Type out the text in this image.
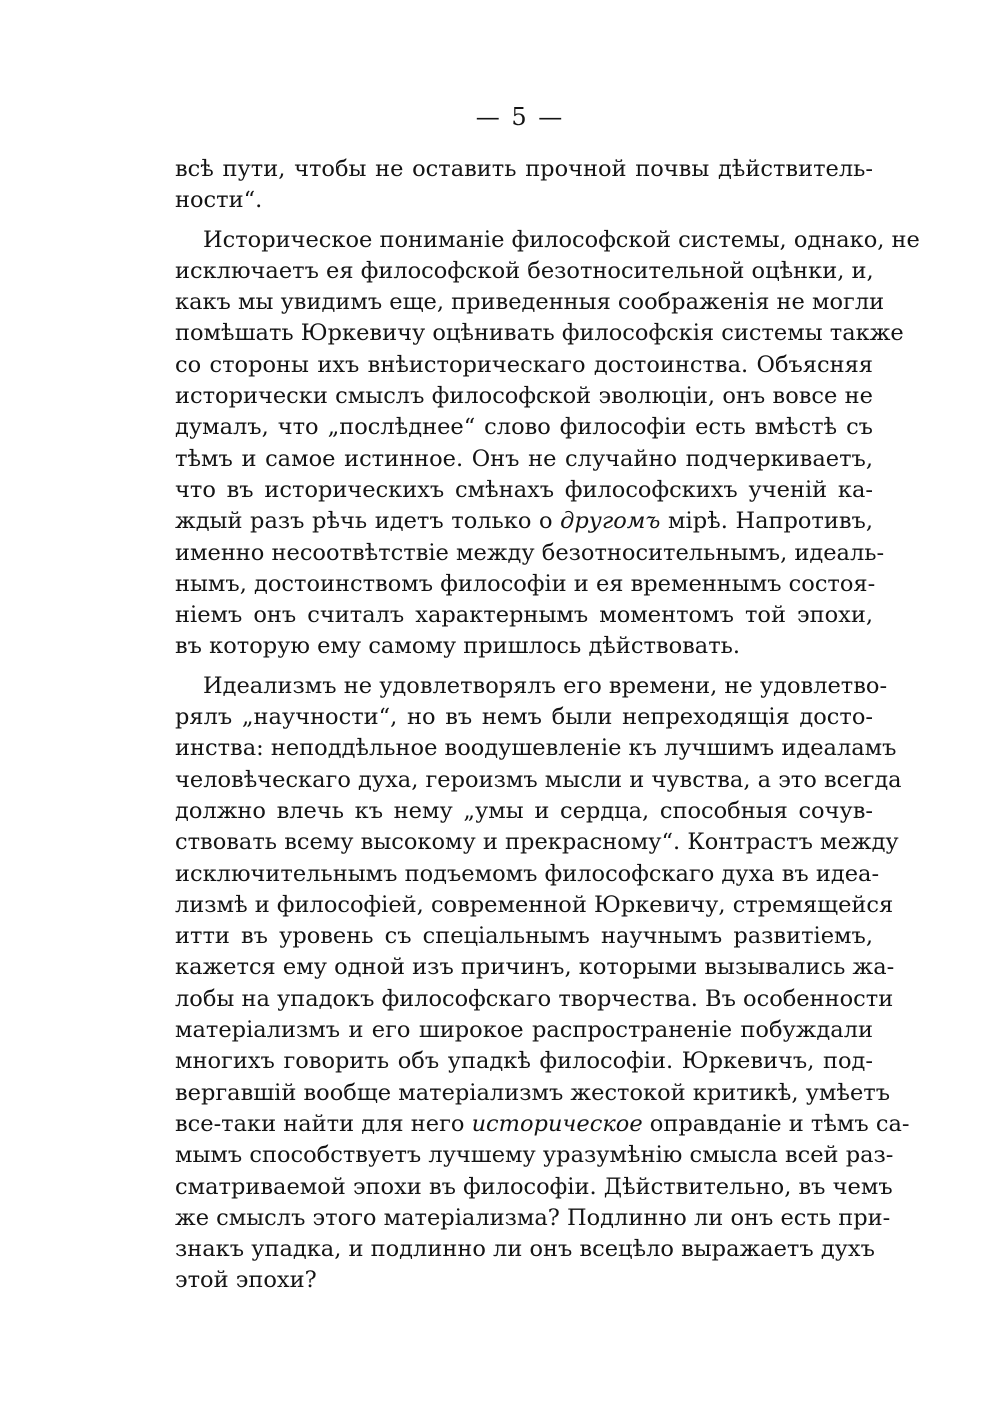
— 5 —

всѣ пути, чтобы не оставить прочной почвы дѣйствитель-
ности“.

Историческое пониманіе философской системы, однако, не
исключаетъ ея философской безотносительной оцѣнки, и,
какъ мы увидимъ еще, приведенныя соображенія не могли
помѣшать Юркевичу оцѣнивать философскія системы также
со стороны ихъ внѣисторическаго достоинства. Объясняя
исторически смыслъ философской эволюціи, онъ вовсе не
думалъ, что „послѣднее“ слово философіи есть вмѣстѣ съ
тѣмъ и самое истинное. Онъ не случайно подчеркиваетъ,
что въ историческихъ смѣнахъ философскихъ ученій ка-
ждый разъ рѣчь идетъ только о другомъ мірѣ. Напротивъ,
именно несоотвѣтствіе между безотносительнымъ, идеаль-
нымъ, достоинствомъ философіи и ея временнымъ состоя-
ніемъ онъ считалъ характернымъ моментомъ той эпохи,
въ которую ему самому пришлось дѣйствовать.

Идеализмъ не удовлетворялъ его времени, не удовлетво-
рялъ „научности“, но въ немъ были непреходящія досто-
инства: неподдѣльное воодушевленіе къ лучшимъ идеаламъ
человѣческаго духа, героизмъ мысли и чувства, а это всегда
должно влечь къ нему „умы и сердца, способныя сочув-
ствовать всему высокому и прекрасному“. Контрастъ между
исключительнымъ подъемомъ философскаго духа въ идеа-
лизмѣ и философіей, современной Юркевичу, стремящейся
итти въ уровень съ спеціальнымъ научнымъ развитіемъ,
кажется ему одной изъ причинъ, которыми вызывались жа-
лобы на упадокъ философскаго творчества. Въ особенности
матеріализмъ и его широкое распространеніе побуждали
многихъ говорить объ упадкѣ философіи. Юркевичъ, под-
вергавшій вообще матеріализмъ жестокой критикѣ, умѣетъ
все-таки найти для него историческое оправданіе и тѣмъ са-
мымъ способствуетъ лучшему уразумѣнію смысла всей раз-
сматриваемой эпохи въ философіи. Дѣйствительно, въ чемъ
же смыслъ этого матеріализма? Подлинно ли онъ есть при-
знакъ упадка, и подлинно ли онъ всецѣло выражаетъ духъ
этой эпохи?
